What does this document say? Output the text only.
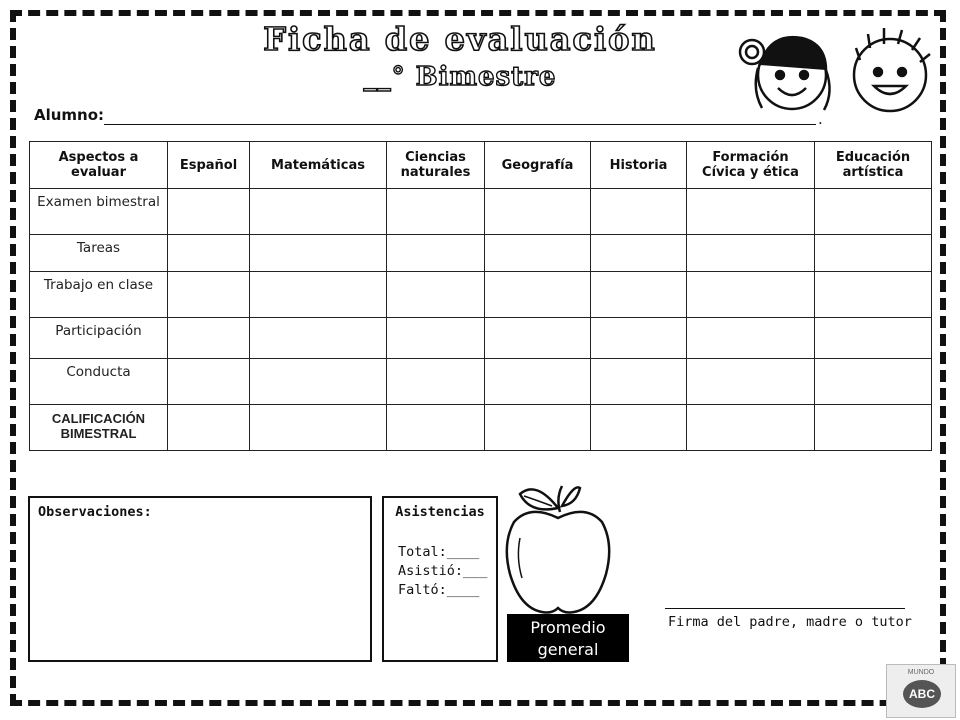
Ficha de evaluación
__° Bimestre
Alumno:	.
Aspectos a evaluar	Español	Matemáticas	Ciencias naturales	Geografía	Historia	Formación Cívica y ética	Educación artística
Examen bimestral							
Tareas							
Trabajo en clase							
Participación							
Conducta							
CALIFICACIÓN BIMESTRAL							
Observaciones:	Asistencias
Total:____
Asistió:___
Faltó:____
Promedio
general
Firma del padre, madre o tutor
MUNDO
ABC
